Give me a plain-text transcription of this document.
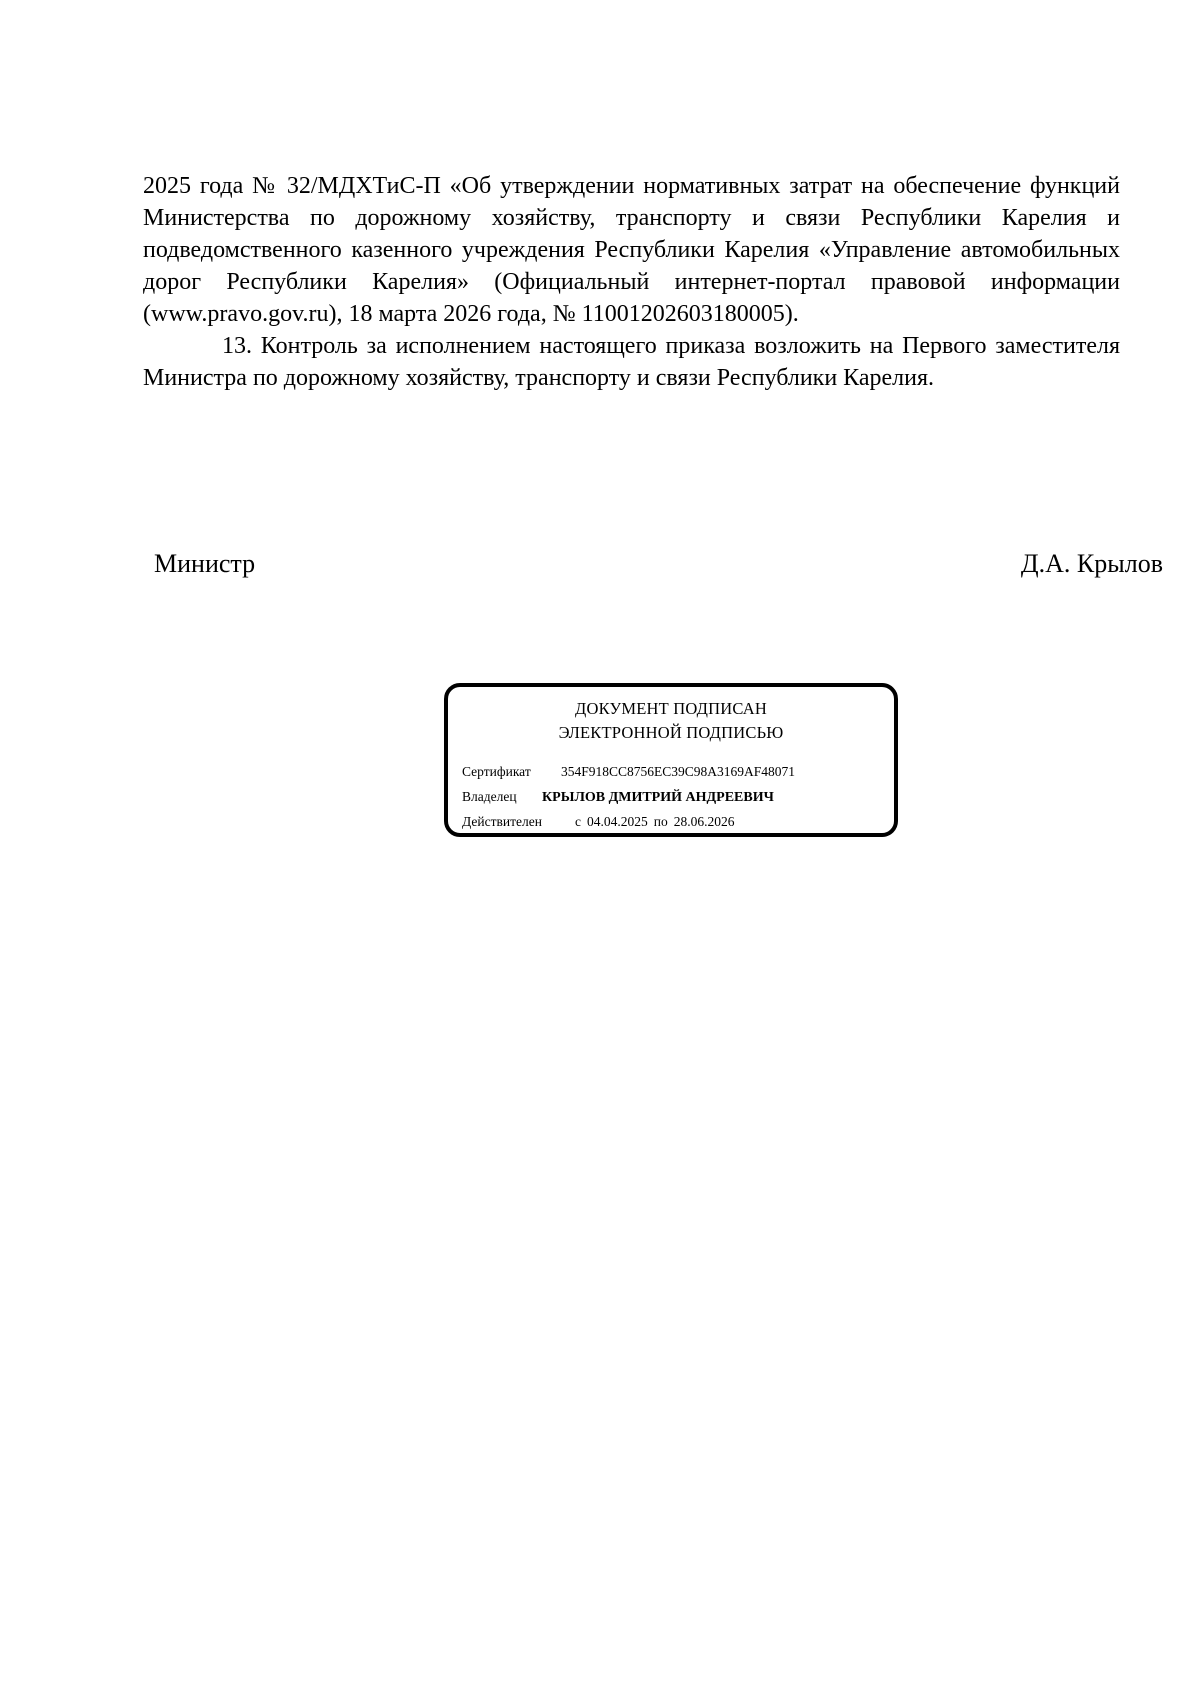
2025 года № 32/МДХТиС-П «Об утверждении нормативных затрат на обеспечение функций Министерства по дорожному хозяйству, транспорту и связи Республики Карелия и подведомственного казенного учреждения Республики Карелия «Управление автомобильных дорог Республики Карелия» (Официальный интернет-портал правовой информации (www.pravo.gov.ru), 18 марта 2026 года, № 11001202603180005).

13. Контроль за исполнением настоящего приказа возложить на Первого заместителя Министра по дорожному хозяйству, транспорту и связи Республики Карелия.

Министр	Д.А. Крылов
ДОКУМЕНТ ПОДПИСАН
ЭЛЕКТРОННОЙ ПОДПИСЬЮ
Сертификат 354F918CC8756EC39C98A3169AF48071
Владелец КРЫЛОВ ДМИТРИЙ АНДРЕЕВИЧ
Действителен с 04.04.2025 по 28.06.2026
